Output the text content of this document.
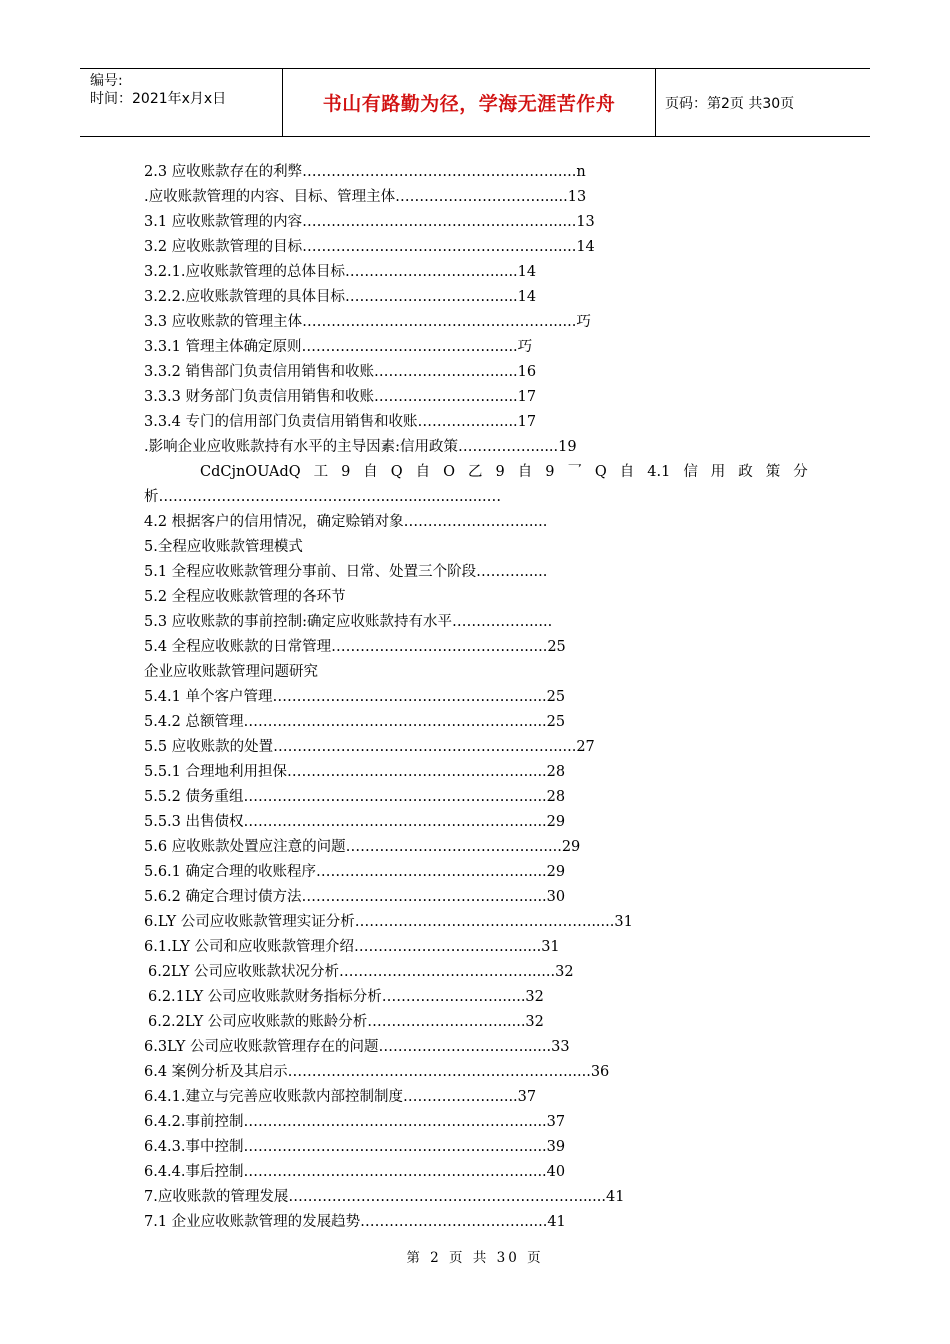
编号:
时间：2021年x月x日	书山有路勤为径，学海无涯苦作舟	页码：第2页 共30页
2.3 应收账款存在的利弊……………………………………………......n
.应收账款管理的内容、目标、管理主体…………………………......13
3.1 应收账款管理的内容……………………………………………......13
3.2 应收账款管理的目标……………………………………………......14
3.2.1.应收账款管理的总体目标…………………………......14
3.2.2.应收账款管理的具体目标…………………………......14
3.3 应收账款的管理主体……………………………………………......巧
3.3.1 管理主体确定原则…………………………………......巧
3.3.2 销售部门负责信用销售和收账……………………......16
3.3.3 财务部门负责信用销售和收账……………………......17
3.3.4 专门的信用部门负责信用销售和收账……………......17
.影响企业应收账款持有水平的主导因素:信用政策……………......19
CdCjnOUAdQ 工 9 自 Q 自 O 乙 9 自 9 乛 Q 自 4.1 信 用 政 策 分
析………………………………………........................…
4.2 根据客户的信用情况，确定赊销对象……………………......
5.全程应收账款管理模式
5.1 全程应收账款管理分事前、日常、处置三个阶段………......
5.2 全程应收账款管理的各环节
5.3 应收账款的事前控制:确定应收账款持有水平……………......
5.4 全程应收账款的日常管理…………………………………......25
企业应收账款管理问题研究
5.4.1 单个客户管理……………………………………………......25
5.4.2 总额管理…………………………………………………......25
5.5 应收账款的处置…………………………………………………......27
5.5.1 合理地利用担保…………………………………………......28
5.5.2 债务重组…………………………………………………......28
5.5.3 出售债权…………………………………………………......29
5.6 应收账款处置应注意的问题…………………………………......29
5.6.1 确定合理的收账程序……………………………………......29
5.6.2 确定合理讨债方法………………………………………......30
6.LY 公司应收账款管理实证分析…………………………………………......31
6.1.LY 公司和应收账款管理介绍……………………………......31
6.2LY 公司应收账款状况分析…………………………………......32
6.2.1LY 公司应收账款财务指标分析……………………......32
6.2.2LY 公司应收账款的账龄分析………………………......32
6.3LY 公司应收账款管理存在的问题…………………………......33
6.4 案例分析及其启示…………………………………………………......36
6.4.1.建立与完善应收账款内部控制制度………………......37
6.4.2.事前控制…………………………………………………......37
6.4.3.事中控制…………………………………………………......39
6.4.4.事后控制…………………………………………………......40
7.应收账款的管理发展……………………………………………………......41
7.1 企业应收账款管理的发展趋势……………………………......41
第 2 页 共 30 页
